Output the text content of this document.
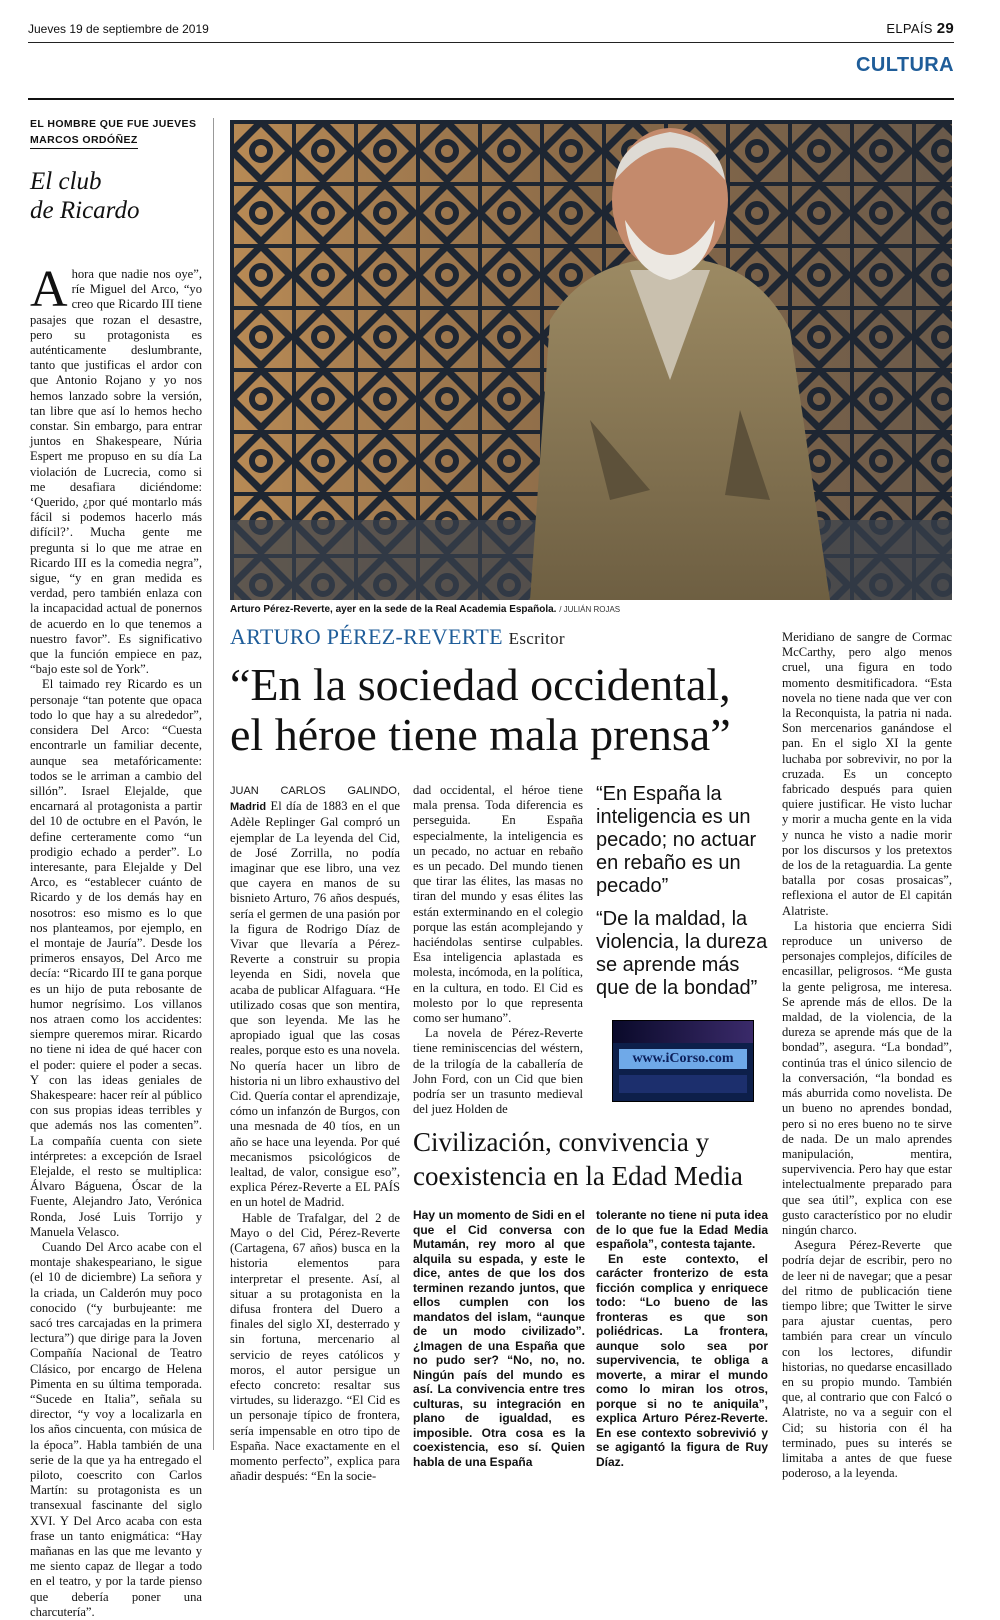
Jueves 19 de septiembre de 2019	ELPAÍS 29
CULTURA
EL HOMBRE QUE FUE JUEVES
MARCOS ORDÓÑEZ
El club
de Ricardo

Ahora que nadie nos oye”, ríe Miguel del Arco, “yo creo que Ricardo III tiene pasajes que rozan el desastre, pero su protagonista es auténticamente deslumbrante, tanto que justificas el ardor con que Antonio Rojano y yo nos hemos lanzado sobre la versión, tan libre que así lo hemos hecho constar. Sin embargo, para entrar juntos en Shakespeare, Núria Espert me propuso en su día La violación de Lucrecia, como si me desafiara diciéndome: ‘Querido, ¿por qué montarlo más fácil si podemos hacerlo más difícil?’. Mucha gente me pregunta si lo que me atrae en Ricardo III es la comedia negra”, sigue, “y en gran medida es verdad, pero también enlaza con la incapacidad actual de ponernos de acuerdo en lo que tenemos a nuestro favor”. Es significativo que la función empiece en paz, “bajo este sol de York”.

El taimado rey Ricardo es un personaje “tan potente que opaca todo lo que hay a su alrededor”, considera Del Arco: “Cuesta encontrarle un familiar decente, aunque sea metafóricamente: todos se le arriman a cambio del sillón”. Israel Elejalde, que encarnará al protagonista a partir del 10 de octubre en el Pavón, le define certeramente como “un prodigio echado a perder”. Lo interesante, para Elejalde y Del Arco, es “establecer cuánto de Ricardo y de los demás hay en nosotros: eso mismo es lo que nos planteamos, por ejemplo, en el montaje de Jauría”. Desde los primeros ensayos, Del Arco me decía: “Ricardo III te gana porque es un hijo de puta rebosante de humor negrísimo. Los villanos nos atraen como los accidentes: siempre queremos mirar. Ricardo no tiene ni idea de qué hacer con el poder: quiere el poder a secas. Y con las ideas geniales de Shakespeare: hacer reír al público con sus propias ideas terribles y que además nos las comenten”. La compañía cuenta con siete intérpretes: a excepción de Israel Elejalde, el resto se multiplica: Álvaro Báguena, Óscar de la Fuente, Alejandro Jato, Verónica Ronda, José Luis Torrijo y Manuela Velasco.

Cuando Del Arco acabe con el montaje shakespeariano, le sigue (el 10 de diciembre) La señora y la criada, un Calderón muy poco conocido (“y burbujeante: me sacó tres carcajadas en la primera lectura”) que dirige para la Joven Compañía Nacional de Teatro Clásico, por encargo de Helena Pimenta en su última temporada. “Sucede en Italia”, señala su director, “y voy a localizarla en los años cincuenta, con música de la época”. Habla también de una serie de la que ya ha entregado el piloto, coescrito con Carlos Martín: su protagonista es un transexual fascinante del siglo XVI. Y Del Arco acaba con esta frase un tanto enigmática: “Hay mañanas en las que me levanto y me siento capaz de llegar a todo en el teatro, y por la tarde pienso que debería poner una charcutería”.

Arturo Pérez-Reverte, ayer en la sede de la Real Academia Española. / JULIÁN ROJAS
ARTURO PÉREZ-REVERTE Escritor
“En la sociedad occidental,
el héroe tiene mala prensa”

JUAN CARLOS GALINDO, Madrid El día de 1883 en el que Adèle Replinger Gal compró un ejemplar de La leyenda del Cid, de José Zorrilla, no podía imaginar que ese libro, una vez que cayera en manos de su bisnieto Arturo, 76 años después, sería el germen de una pasión por la figura de Rodrigo Díaz de Vivar que llevaría a Pérez-Reverte a construir su propia leyenda en Sidi, novela que acaba de publicar Alfaguara. “He utilizado cosas que son mentira, que son leyenda. Me las he apropiado igual que las cosas reales, porque esto es una novela. No quería hacer un libro de historia ni un libro exhaustivo del Cid. Quería contar el aprendizaje, cómo un infanzón de Burgos, con una mesnada de 40 tíos, en un año se hace una leyenda. Por qué mecanismos psicológicos de lealtad, de valor, consigue eso”, explica Pérez-Reverte a EL PAÍS en un hotel de Madrid.

Hable de Trafalgar, del 2 de Mayo o del Cid, Pérez-Reverte (Cartagena, 67 años) busca en la historia elementos para interpretar el presente. Así, al situar a su protagonista en la difusa frontera del Duero a finales del siglo XI, desterrado y sin fortuna, mercenario al servicio de reyes católicos y moros, el autor persigue un efecto concreto: resaltar sus virtudes, su liderazgo. “El Cid es un personaje típico de frontera, sería impensable en otro tipo de España. Nace exactamente en el momento perfecto”, explica para añadir después: “En la socie-

dad occidental, el héroe tiene mala prensa. Toda diferencia es perseguida. En España especialmente, la inteligencia es un pecado, no actuar en rebaño es un pecado. Del mundo tienen que tirar las élites, las masas no tiran del mundo y esas élites las están exterminando en el colegio porque las están acomplejando y haciéndolas sentirse culpables. Esa inteligencia aplastada es molesta, incómoda, en la política, en la cultura, en todo. El Cid es molesto por lo que representa como ser humano”.

La novela de Pérez-Reverte tiene reminiscencias del wéstern, de la trilogía de la caballería de John Ford, con un Cid que bien podría ser un trasunto medieval del juez Holden de

“En España la inteligencia es un pecado; no actuar en rebaño es un pecado”
“De la maldad, la violencia, la dureza se aprende más que de la bondad”
www.iCorso.com

Meridiano de sangre de Cormac McCarthy, pero algo menos cruel, una figura en todo momento desmitificadora. “Esta novela no tiene nada que ver con la Reconquista, la patria ni nada. Son mercenarios ganándose el pan. En el siglo XI la gente luchaba por sobrevivir, no por la cruzada. Es un concepto fabricado después para quien quiere justificar. He visto luchar y morir a mucha gente en la vida y nunca he visto a nadie morir por los discursos y los pretextos de los de la retaguardia. La gente batalla por cosas prosaicas”, reflexiona el autor de El capitán Alatriste.

La historia que encierra Sidi reproduce un universo de personajes complejos, difíciles de encasillar, peligrosos. “Me gusta la gente peligrosa, me interesa. Se aprende más de ellos. De la maldad, de la violencia, de la dureza se aprende más que de la bondad”, asegura. “La bondad”, continúa tras el único silencio de la conversación, “la bondad es más aburrida como novelista. De un bueno no aprendes bondad, pero si no eres bueno no te sirve de nada. De un malo aprendes manipulación, mentira, supervivencia. Pero hay que estar intelectualmente preparado para que sea útil”, explica con ese gusto característico por no eludir ningún charco.

Asegura Pérez-Reverte que podría dejar de escribir, pero no de leer ni de navegar; que a pesar del ritmo de publicación tiene tiempo libre; que Twitter le sirve para ajustar cuentas, pero también para crear un vínculo con los lectores, difundir historias, no quedarse encasillado en su propio mundo. También que, al contrario que con Falcó o Alatriste, no va a seguir con el Cid; su historia con él ha terminado, pues su interés se limitaba a antes de que fuese poderoso, a la leyenda.

Civilización, convivencia y
coexistencia en la Edad Media

Hay un momento de Sidi en el que el Cid conversa con Mutamán, rey moro al que alquila su espada, y este le dice, antes de que los dos terminen rezando juntos, que ellos cumplen con los mandatos del islam, “aunque de un modo civilizado”. ¿Imagen de una España que no pudo ser? “No, no, no. Ningún país del mundo es así. La convivencia entre tres culturas, su integración en plano de igualdad, es imposible. Otra cosa es la coexistencia, eso sí. Quien habla de una España

tolerante no tiene ni puta idea de lo que fue la Edad Media española”, contesta tajante.

En este contexto, el carácter fronterizo de esta ficción complica y enriquece todo: “Lo bueno de las fronteras es que son poliédricas. La frontera, aunque solo sea por supervivencia, te obliga a moverte, a mirar el mundo como lo miran los otros, porque si no te aniquila”, explica Arturo Pérez-Reverte. En ese contexto sobrevivió y se agigantó la figura de Ruy Díaz.
